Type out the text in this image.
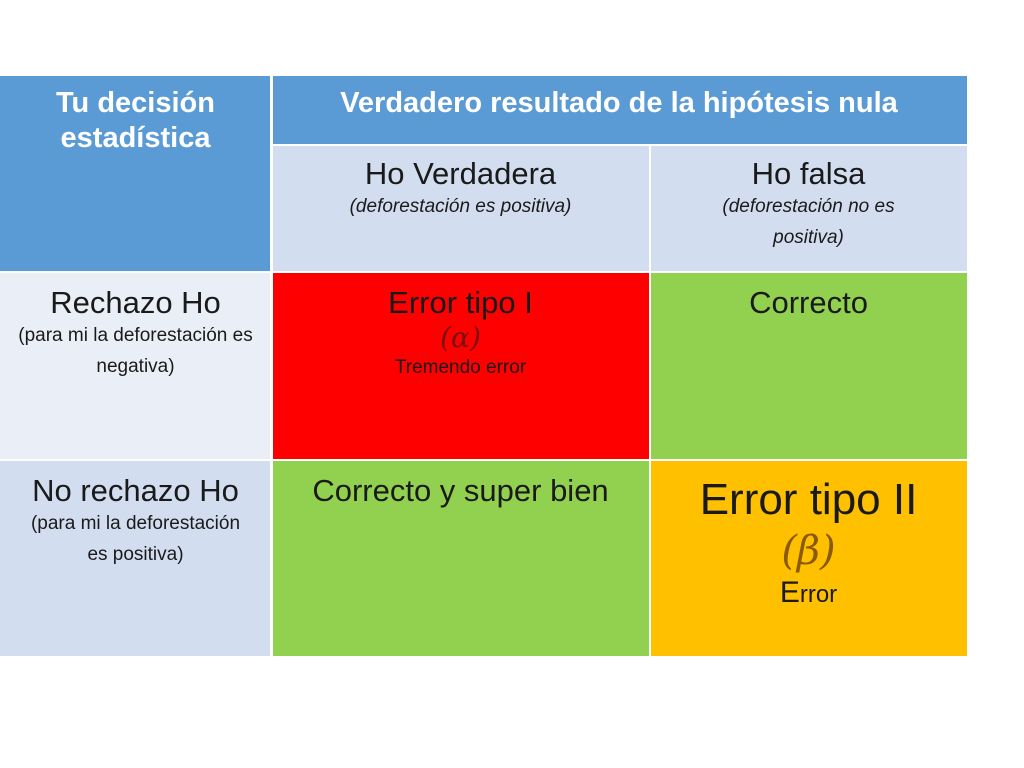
Tu decisión estadística
Verdadero resultado de la hipótesis nula
Ho Verdadera
(deforestación es positiva)
Ho falsa
(deforestación no es positiva)
Rechazo Ho
(para mi la deforestación es negativa)
Error tipo I
(α)
Tremendo error
Correcto
No rechazo Ho
(para mi la deforestación es positiva)
Correcto y super bien Error tipo II
(β)
Error
